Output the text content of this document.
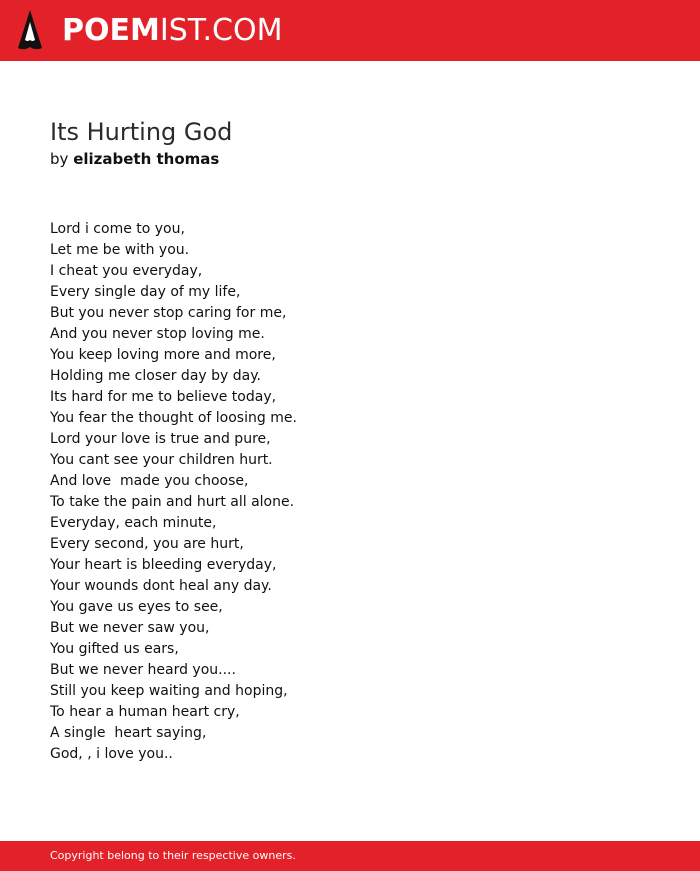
POEMIST.COM
Its Hurting God
by elizabeth thomas
Lord i come to you,
Let me be with you.
I cheat you everyday,
Every single day of my life,
But you never stop caring for me,
And you never stop loving me.
You keep loving more and more,
Holding me closer day by day.
Its hard for me to believe today,
You fear the thought of loosing me.
Lord your love is true and pure,
You cant see your children hurt.
And love  made you choose,
To take the pain and hurt all alone.
Everyday, each minute,
Every second, you are hurt,
Your heart is bleeding everyday,
Your wounds dont heal any day.
You gave us eyes to see,
But we never saw you,
You gifted us ears,
But we never heard you....
Still you keep waiting and hoping,
To hear a human heart cry,
A single  heart saying,
God, , i love you..
Copyright belong to their respective owners.
